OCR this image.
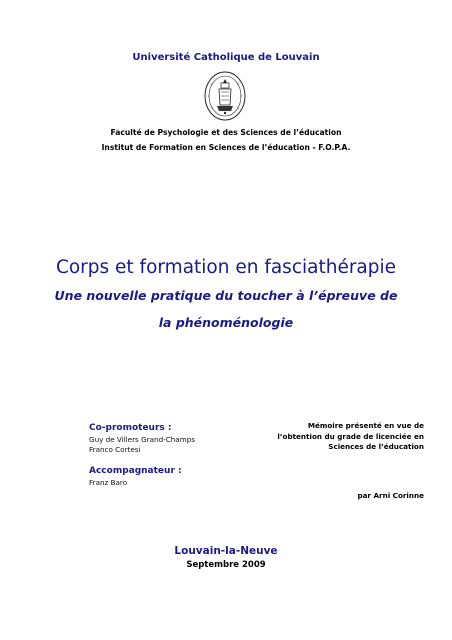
Université Catholique de Louvain
Faculté de Psychologie et des Sciences de l’éducation
Institut de Formation en Sciences de l’éducation - F.O.P.A.
Corps et formation en fasciathérapie
Une nouvelle pratique du toucher à l’épreuve de
la phénoménologie
Co-promoteurs :
Guy de Villers Grand-Champs
Franco Cortesi
Accompagnateur :
Franz Baro
Mémoire présenté en vue de
l’obtention du grade de licenciée en
Sciences de l’éducation
par Arni Corinne
Louvain-la-Neuve
Septembre 2009
